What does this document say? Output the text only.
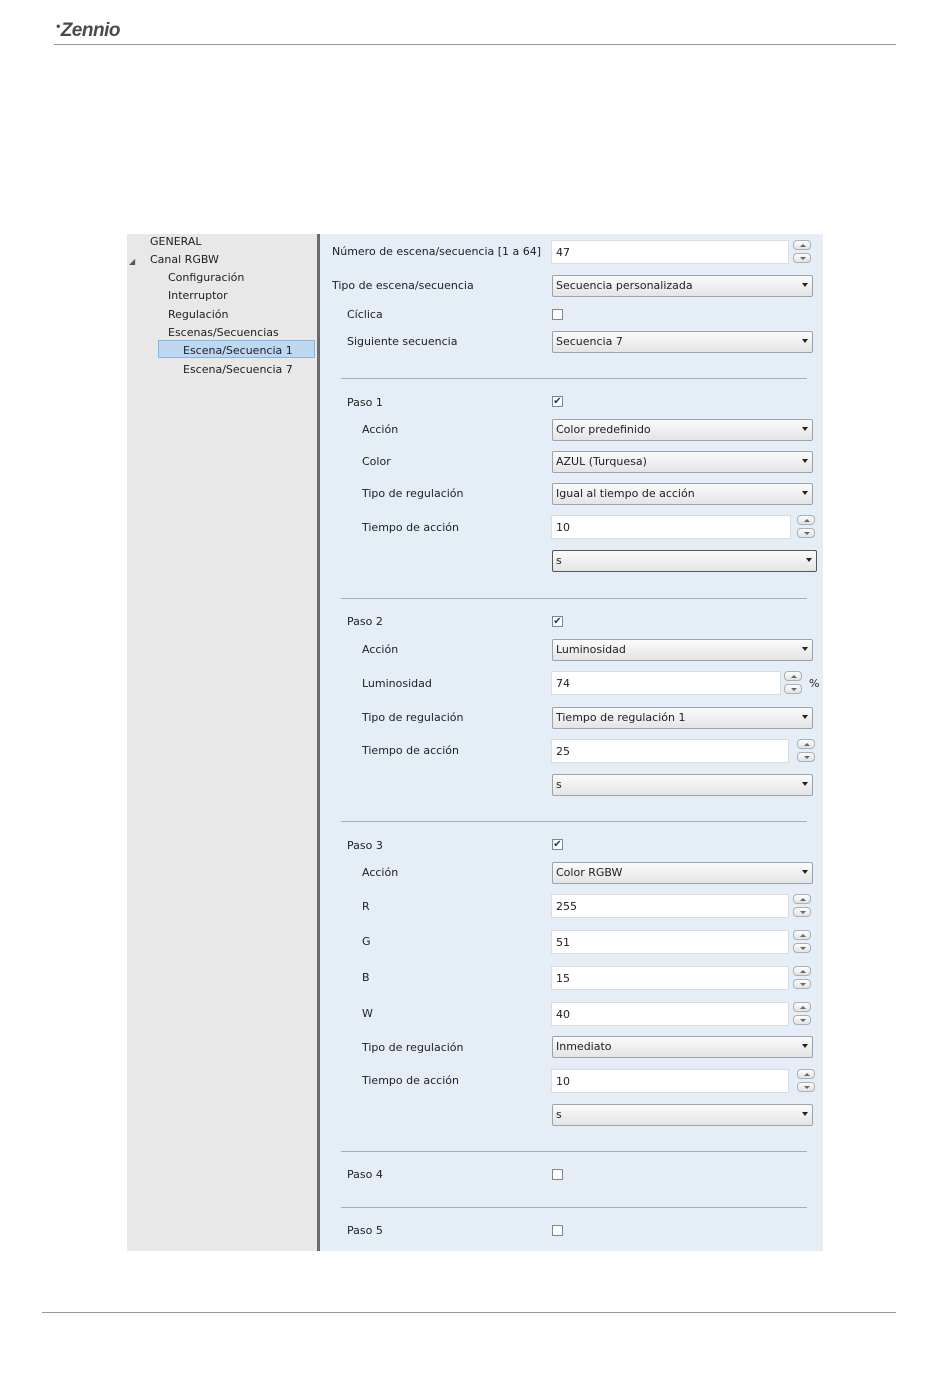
•Zennio
GENERAL
◢ Canal RGBW
Configuración
Interruptor
Regulación
Escenas/Secuencias
Escena/Secuencia 1
Escena/Secuencia 7
Número de escena/secuencia [1 a 64] 47
Tipo de escena/secuencia	Secuencia personalizada
Cíclica
Siguiente secuencia	Secuencia 7
Paso 1	✔
Acción	Color predefinido
Color	AZUL (Turquesa)
Tipo de regulación	Igual al tiempo de acción
Tiempo de acción	10
s
Paso 2	✔
Acción	Luminosidad
Luminosidad	74	%
Tipo de regulación	Tiempo de regulación 1
Tiempo de acción	25
s
Paso 3	✔
Acción	Color RGBW
R	255
G	51
B	15
W	40
Tipo de regulación	Inmediato
Tiempo de acción	10
s
Paso 4
Paso 5
